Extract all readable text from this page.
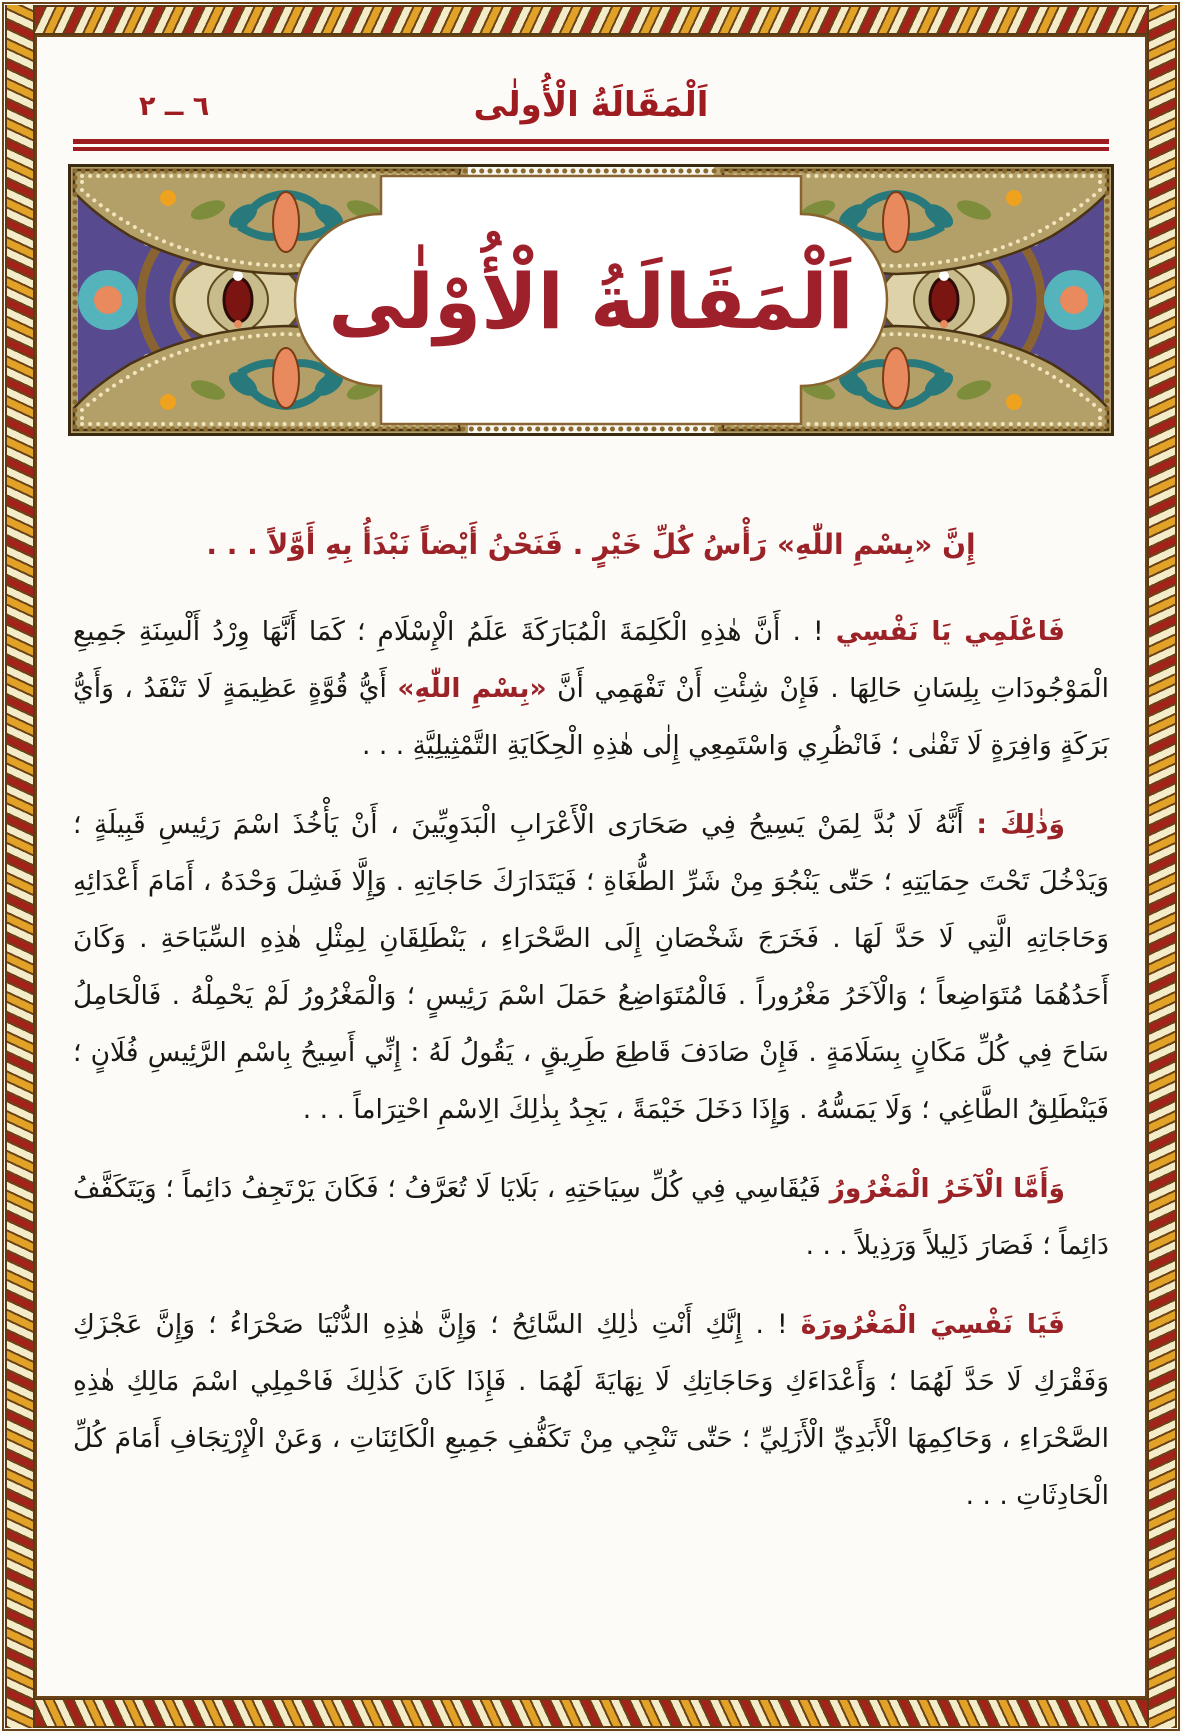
٦ ــ ٢	اَلْمَقَالَةُ الْأُولٰى
اَلْمَقَالَةُ الْأُوْلٰى

إِنَّ «بِسْمِ اللّٰهِ» رَأْسُ كُلِّ خَيْرٍ . فَنَحْنُ أَيْضاً نَبْدَأُ بِهِ أَوَّلاً . . .

فَاعْلَمِي يَا نَفْسِي ! . أَنَّ هٰذِهِ الْكَلِمَةَ الْمُبَارَكَةَ عَلَمُ الْإِسْلَامِ ؛ كَمَا أَنَّهَا وِرْدُ أَلْسِنَةِ جَمِيعِ الْمَوْجُودَاتِ بِلِسَانِ حَالِهَا . فَإِنْ شِئْتِ أَنْ تَفْهَمِي أَنَّ «بِسْمِ اللّٰهِ» أَيُّ قُوَّةٍ عَظِيمَةٍ لَا تَنْفَدُ ، وَأَيُّ بَرَكَةٍ وَافِرَةٍ لَا تَفْنٰى ؛ فَانْظُرِي وَاسْتَمِعِي إِلٰى هٰذِهِ الْحِكَايَةِ التَّمْثِيلِيَّةِ . . .

وَذٰلِكَ : أَنَّهُ لَا بُدَّ لِمَنْ يَسِيحُ فِي صَحَارَى الْأَعْرَابِ الْبَدَوِيِّينَ ، أَنْ يَأْخُذَ اسْمَ رَئِيسِ قَبِيلَةٍ ؛ وَيَدْخُلَ تَحْتَ حِمَايَتِهِ ؛ حَتّٰى يَنْجُوَ مِنْ شَرِّ الطُّغَاةِ ؛ فَيَتَدَارَكَ حَاجَاتِهِ . وَإِلَّا فَشِلَ وَحْدَهُ ، أَمَامَ أَعْدَائِهِ وَحَاجَاتِهِ الَّتِي لَا حَدَّ لَهَا . فَخَرَجَ شَخْصَانِ إِلَى الصَّحْرَاءِ ، يَنْطَلِقَانِ لِمِثْلِ هٰذِهِ السِّيَاحَةِ . وَكَانَ أَحَدُهُمَا مُتَوَاضِعاً ؛ وَالْآخَرُ مَغْرُوراً . فَالْمُتَوَاضِعُ حَمَلَ اسْمَ رَئِيسٍ ؛ وَالْمَغْرُورُ لَمْ يَحْمِلْهُ . فَالْحَامِلُ سَاحَ فِي كُلِّ مَكَانٍ بِسَلَامَةٍ . فَإِنْ صَادَفَ قَاطِعَ طَرِيقٍ ، يَقُولُ لَهُ : إِنِّي أَسِيحُ بِاسْمِ الرَّئِيسِ فُلَانٍ ؛ فَيَنْطَلِقُ الطَّاغِي ؛ وَلَا يَمَسُّهُ . وَإِذَا دَخَلَ خَيْمَةً ، يَجِدُ بِذٰلِكَ الِاسْمِ احْتِرَاماً . . .

وَأَمَّا الْآخَرُ الْمَغْرُورُ فَيُقَاسِي فِي كُلِّ سِيَاحَتِهِ ، بَلَايَا لَا تُعَرَّفُ ؛ فَكَانَ يَرْتَجِفُ دَائِماً ؛ وَيَتَكَفَّفُ دَائِماً ؛ فَصَارَ ذَلِيلاً وَرَذِيلاً . . .

فَيَا نَفْسِيَ الْمَغْرُورَةَ ! . إِنَّكِ أَنْتِ ذٰلِكِ السَّائِحُ ؛ وَإِنَّ هٰذِهِ الدُّنْيَا صَحْرَاءُ ؛ وَإِنَّ عَجْزَكِ وَفَقْرَكِ لَا حَدَّ لَهُمَا ؛ وَأَعْدَاءَكِ وَحَاجَاتِكِ لَا نِهَايَةَ لَهُمَا . فَإِذَا كَانَ كَذٰلِكَ فَاحْمِلِي اسْمَ مَالِكِ هٰذِهِ الصَّحْرَاءِ ، وَحَاكِمِهَا الْأَبَدِيِّ الْأَزَلِيِّ ؛ حَتّٰى تَنْجِي مِنْ تَكَفُّفِ جَمِيعِ الْكَائِنَاتِ ، وَعَنْ الْإِرْتِجَافِ أَمَامَ كُلِّ الْحَادِثَاتِ . . .
